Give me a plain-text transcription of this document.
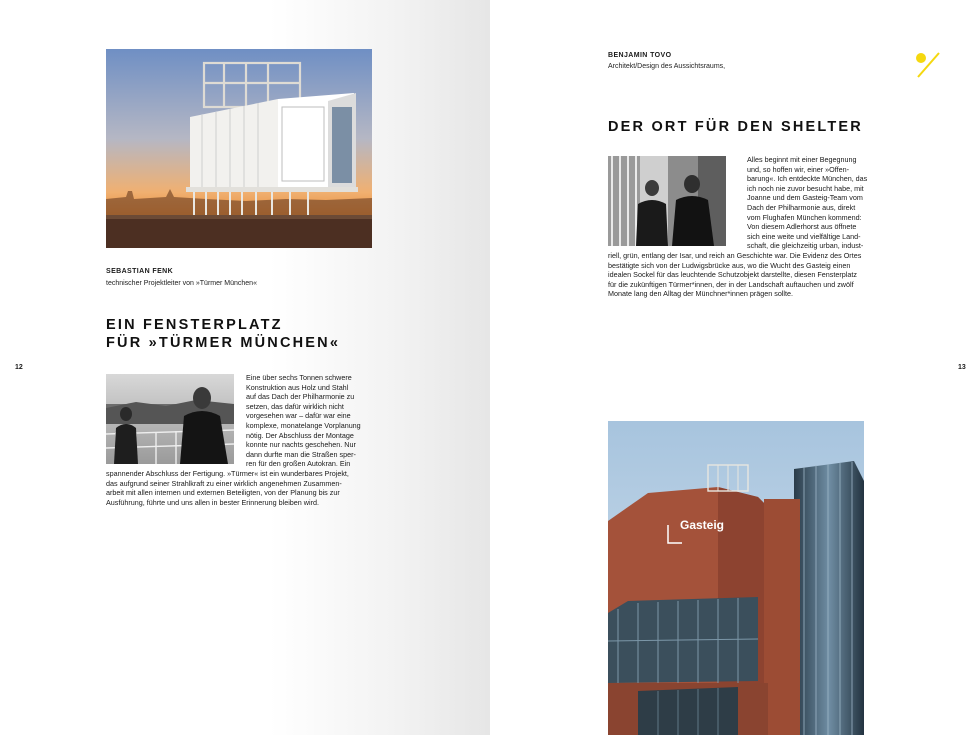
SEBASTIAN FENK
technischer Projektleiter von »Türmer München«
EIN FENSTERPLATZ
FÜR »TÜRMER MÜNCHEN«
12
Eine über sechs Tonnen schwere
Konstruktion aus Holz und Stahl
auf das Dach der Philharmonie zu
setzen, das dafür wirklich nicht
vorgesehen war – dafür war eine
komplexe, monatelange Vorplanung
nötig. Der Abschluss der Montage
konnte nur nachts geschehen. Nur
dann durfte man die Straßen sper-
ren für den großen Autokran. Ein
spannender Abschluss der Fertigung. »Türmer« ist ein wunderbares Projekt,
das aufgrund seiner Strahlkraft zu einer wirklich angenehmen Zusammen-
arbeit mit allen internen und externen Beteiligten, von der Planung bis zur
Ausführung, führte und uns allen in bester Erinnerung bleiben wird.
BENJAMIN TOVO
Architekt/Design des Aussichtsraums,
DER ORT FÜR DEN SHELTER
Alles beginnt mit einer Begegnung
und, so hoffen wir, einer »Offen-
barung«. Ich entdeckte München, das
ich noch nie zuvor besucht habe, mit
Joanne und dem Gasteig-Team vom
Dach der Philharmonie aus, direkt
vom Flughafen München kommend:
Von diesem Adlerhorst aus öffnete
sich eine weite und vielfältige Land-
schaft, die gleichzeitig urban, indust-
riell, grün, entlang der Isar, und reich an Geschichte war. Die Evidenz des Ortes
bestätigte sich von der Ludwigsbrücke aus, wo die Wucht des Gasteig einen
idealen Sockel für das leuchtende Schutzobjekt darstellte, diesen Fensterplatz
für die zukünftigen Türmer*innen, der in der Landschaft auftauchen und zwölf
Monate lang den Alltag der Münchner*innen prägen sollte.
13
Gasteig
